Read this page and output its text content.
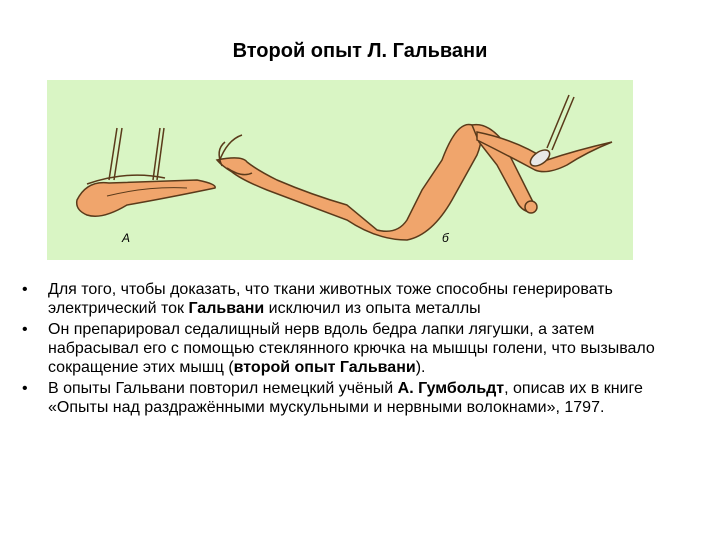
Второй опыт Л. Гальвани
А	б
• Для того, чтобы доказать, что ткани животных тоже способны генерировать электрический ток Гальвани исключил из опыта металлы
• Он препарировал седалищный нерв вдоль бедра лапки лягушки, а затем набрасывал его с помощью стеклянного крючка на мышцы голени, что вызывало сокращение этих мышц (второй опыт Гальвани).
• В опыты Гальвани повторил немецкий учёный А. Гумбольдт, описав их в книге «Опыты над раздражёнными мускульными и нервными волокнами», 1797.
